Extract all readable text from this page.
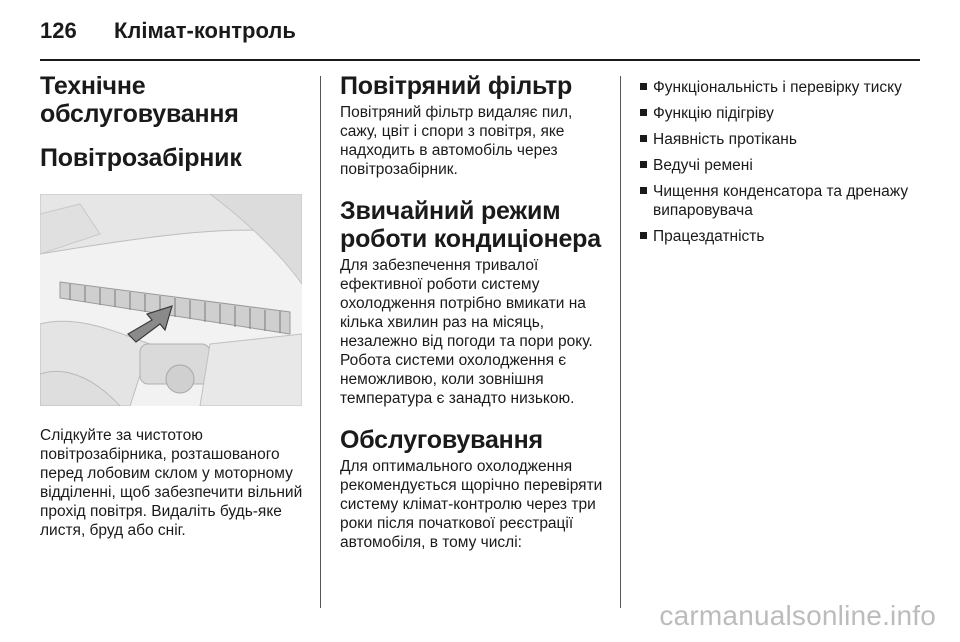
126	Клімат-контроль
Технічне обслуговування
Повітрозабірник

Слідкуйте за чистотою повітрозабірника, розташованого перед лобовим склом у моторному відділенні, щоб забезпечити вільний прохід повітря. Видаліть будь-яке листя, бруд або сніг.

Повітряний фільтр

Повітряний фільтр видаляє пил, сажу, цвіт і спори з повітря, яке надходить в автомобіль через повітрозабірник.

Звичайний режим роботи кондиціонера

Для забезпечення тривалої ефективної роботи систему охолодження потрібно вмикати на кілька хвилин раз на місяць, незалежно від погоди та пори року. Робота системи охолодження є неможливою, коли зовнішня температура є занадто низькою.

Обслуговування

Для оптимального охолодження рекомендується щорічно перевіряти систему клімат-контролю через три роки після початкової реєстрації автомобіля, в тому числі:

Функціональність і перевірку тиску
Функцію підігріву
Наявність протікань
Ведучі ремені
Чищення конденсатора та дренажу випаровувача
Працездатність
carmanualsonline.info
